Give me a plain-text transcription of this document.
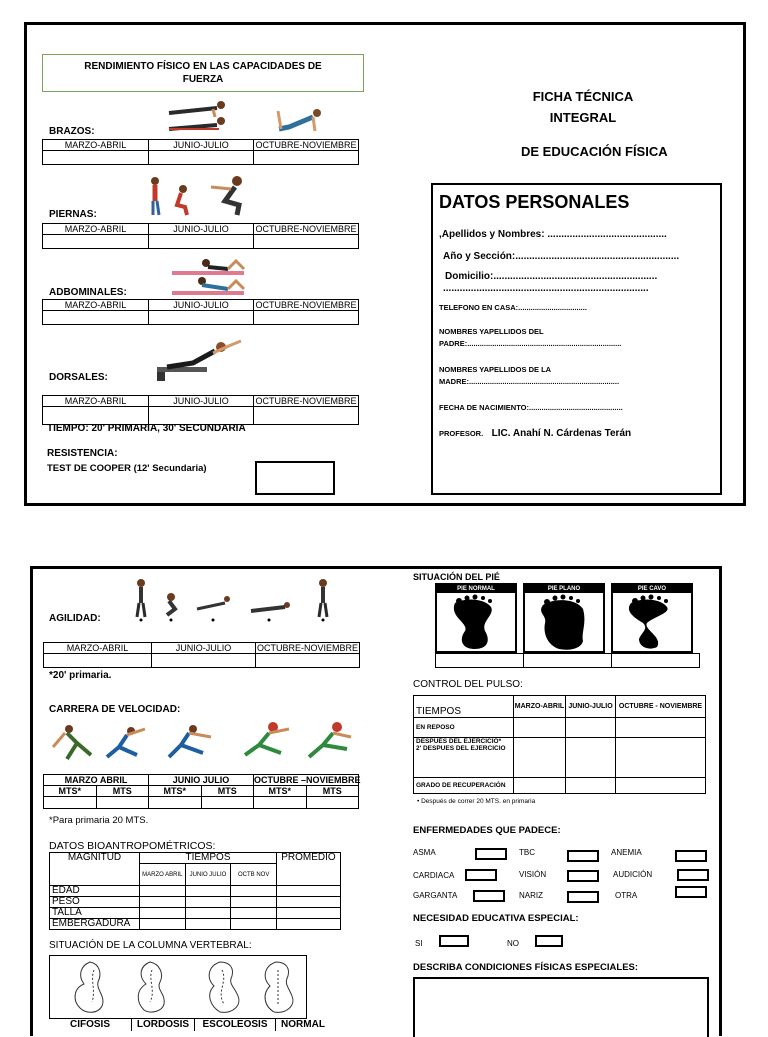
RENDIMIENTO FÍSICO EN LAS CAPACIDADES DE FUERZA
BRAZOS:
MARZO-ABRIL	JUNIO-JULIO	OCTUBRE-NOVIEMBRE

PIERNAS:
MARZO-ABRIL	JUNIO-JULIO	OCTUBRE-NOVIEMBRE

ADBOMINALES:
MARZO-ABRIL	JUNIO-JULIO	OCTUBRE-NOVIEMBRE

DORSALES:
MARZO-ABRIL	JUNIO-JULIO	OCTUBRE-NOVIEMBRE

TIEMPO: 20' PRIMARIA, 30' SECUNDARIA
RESISTENCIA:
TEST DE COOPER (12' Secundaria)
FICHA TÉCNICA
INTEGRAL
DE EDUCACIÓN FÍSICA
DATOS PERSONALES
,Apellidos y Nombres: ...........................................
Año y Sección:...........................................................
Domicilio:...........................................................
..........................................................................
TELEFONO EN CASA:.................................
NOMBRES YAPELLIDOS DEL
PADRE:..........................................................................
NOMBRES YAPELLIDOS DE LA
MADRE:........................................................................
FECHA DE NACIMIENTO:.............................................
PROFESOR. LIC. Anahí N. Cárdenas Terán
AGILIDAD:
MARZO-ABRIL	JUNIO-JULIO	OCTUBRE-NOVIEMBRE

*20' primaria.
CARRERA DE VELOCIDAD:
MARZO ABRIL		JUNIO JULIO		OCTUBRE –NOVIEMBRE	
MTS*	MTS	MTS*	MTS	MTS*	MTS

*Para primaria 20 MTS.
DATOS BIOANTROPOMÉTRICOS:
MAGNITUD	TIEMPOS			PROMEDIO
	MARZO ABRIL	JUNIO JULIO	OCTB NOV	
EDAD				
PESO				
TALLA				
EMBERGADURA				
SITUACIÓN DE LA COLUMNA VERTEBRAL:
CIFOSIS	LORDOSIS	ESCOLEOSIS	NORMAL
SITUACIÓN DEL PIÉ
PIE NORMAL	PIE PLANO	PIE CAVO

CONTROL DEL PULSO:
TIEMPOS	MARZO-ABRIL	JUNIO-JULIO	OCTUBRE - NOVIEMBRE
EN REPOSO			
DESPUÉS DEL EJERCICIO*
2' DESPUES DEL EJERCICIO			
GRADO DE RECUPERACIÓN			
• Después de correr 20 MTS. en primaria
ENFERMEDADES QUE PADECE:
ASMA	TBC	ANEMIA
CARDIACA	VISIÓN	AUDICIÓN
GARGANTA	NARIZ	OTRA
NECESIDAD EDUCATIVA ESPECIAL:
SI	NO
DESCRIBA CONDICIONES FÍSICAS ESPECIALES:
